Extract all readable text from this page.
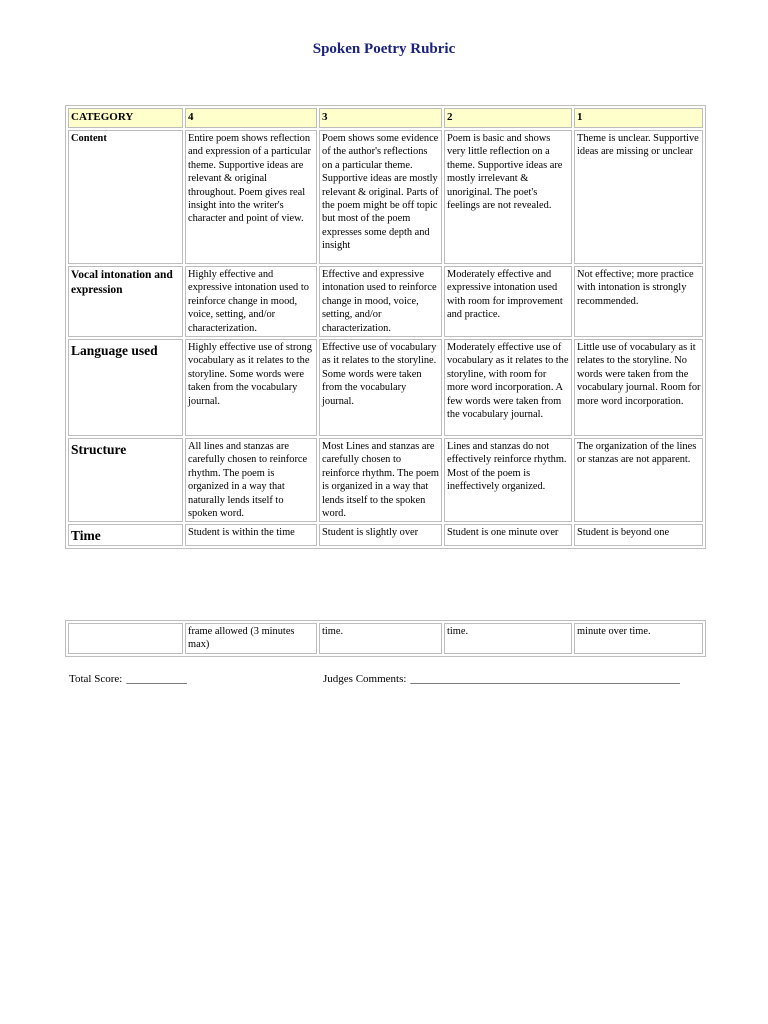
Spoken Poetry Rubric
CATEGORY	4	3	2	1
Content	Entire poem shows reflection and expression of a particular theme. Supportive ideas are relevant & original throughout. Poem gives real insight into the writer's character and point of view.	Poem shows some evidence of the author's reflections on a particular theme. Supportive ideas are mostly relevant & original. Parts of the poem might be off topic but most of the poem expresses some depth and insight	Poem is basic and shows very little reflection on a theme. Supportive ideas are mostly irrelevant & unoriginal. The poet's feelings are not revealed.	Theme is unclear. Supportive ideas are missing or unclear
Vocal intonation and expression	Highly effective and expressive intonation used to reinforce change in mood, voice, setting, and/or characterization.	Effective and expressive intonation used to reinforce change in mood, voice, setting, and/or characterization.	Moderately effective and expressive intonation used with room for improvement and practice.	Not effective; more practice with intonation is strongly recommended.
Language used	Highly effective use of strong vocabulary as it relates to the storyline. Some words were taken from the vocabulary journal.	Effective use of vocabulary as it relates to the storyline. Some words were taken from the vocabulary journal.	Moderately effective use of vocabulary as it relates to the storyline, with room for more word incorporation. A few words were taken from the vocabulary journal.	Little use of vocabulary as it relates to the storyline. No words were taken from the vocabulary journal. Room for more word incorporation.
Structure	All lines and stanzas are carefully chosen to reinforce rhythm. The poem is organized in a way that naturally lends itself to spoken word.	Most Lines and stanzas are carefully chosen to reinforce rhythm. The poem is organized in a way that lends itself to the spoken word.	Lines and stanzas do not effectively reinforce rhythm. Most of the poem is ineffectively organized.	The organization of the lines or stanzas are not apparent.
Time	Student is within the time	Student is slightly over	Student is one minute over	Student is beyond one
	frame allowed (3 minutes max)	time.	time.	minute over time.
Total Score: ___________	Judges Comments: _________________________________________________
